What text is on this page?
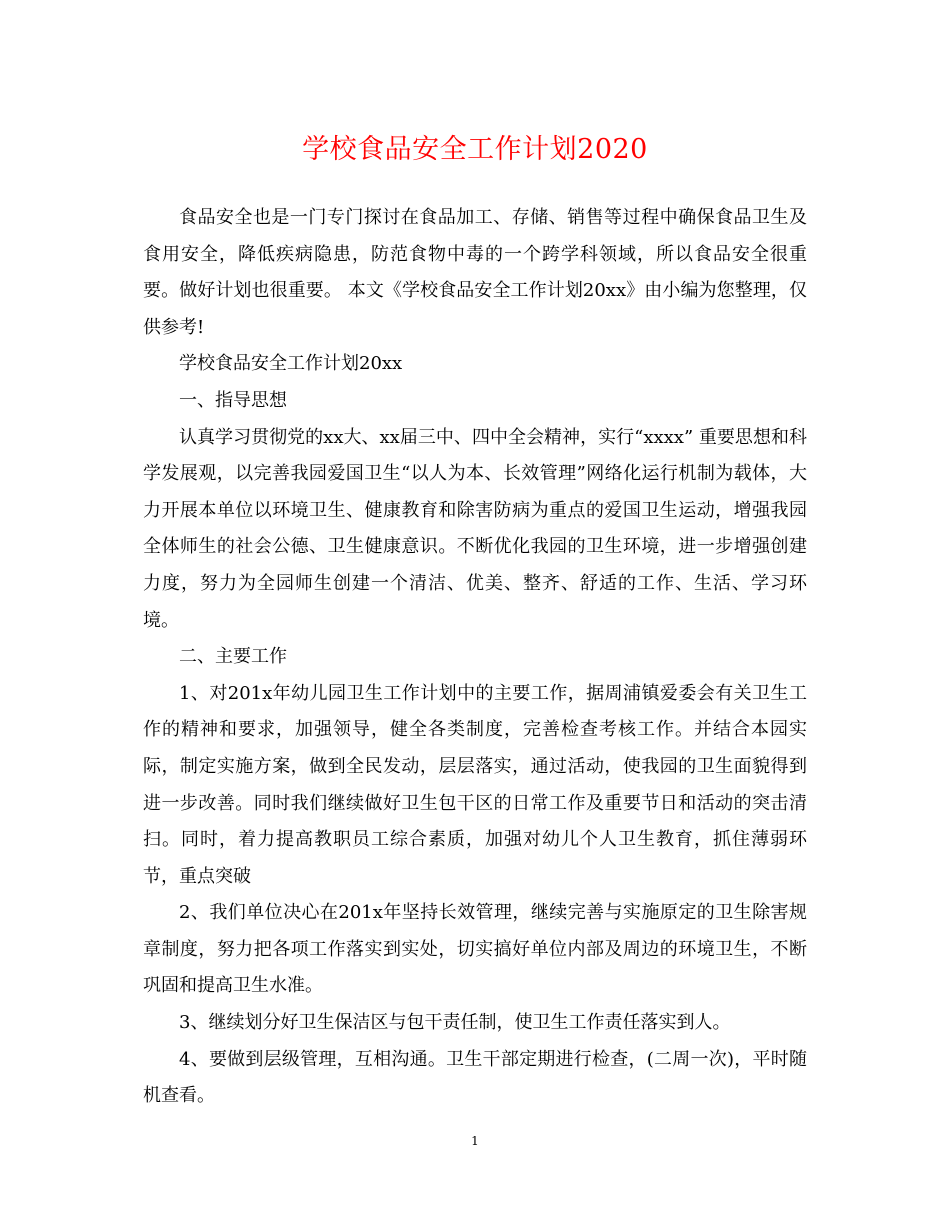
学校食品安全工作计划2020

食品安全也是一门专门探讨在食品加工、存储、销售等过程中确保食品卫生及食用安全，降低疾病隐患，防范食物中毒的一个跨学科领域，所以食品安全很重要。做好计划也很重要。 本文《学校食品安全工作计划20xx》由小编为您整理，仅供参考!

学校食品安全工作计划20xx

一、指导思想

认真学习贯彻党的xx大、xx届三中、四中全会精神，实行“xxxx” 重要思想和科学发展观，以完善我园爱国卫生“以人为本、长效管理”网络化运行机制为载体，大力开展本单位以环境卫生、健康教育和除害防病为重点的爱国卫生运动，增强我园全体师生的社会公德、卫生健康意识。不断优化我园的卫生环境，进一步增强创建力度，努力为全园师生创建一个清洁、优美、整齐、舒适的工作、生活、学习环境。

二、主要工作

1、对201x年幼儿园卫生工作计划中的主要工作，据周浦镇爱委会有关卫生工作的精神和要求，加强领导，健全各类制度，完善检查考核工作。并结合本园实际，制定实施方案，做到全民发动，层层落实，通过活动，使我园的卫生面貌得到进一步改善。同时我们继续做好卫生包干区的日常工作及重要节日和活动的突击清扫。同时，着力提高教职员工综合素质，加强对幼儿个人卫生教育，抓住薄弱环节，重点突破

2、我们单位决心在201x年坚持长效管理，继续完善与实施原定的卫生除害规章制度，努力把各项工作落实到实处，切实搞好单位内部及周边的环境卫生，不断巩固和提高卫生水准。

3、继续划分好卫生保洁区与包干责任制，使卫生工作责任落实到人。

4、要做到层级管理，互相沟通。卫生干部定期进行检查，(二周一次)，平时随机查看。

1
